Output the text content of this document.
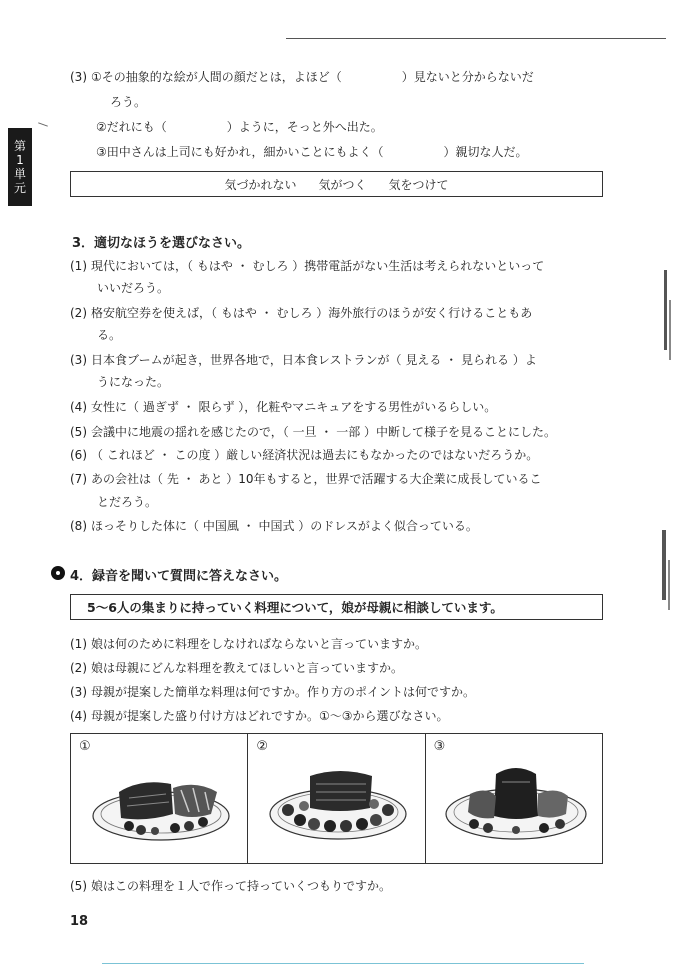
第
1
単
元
(3) ①その抽象的な絵が人間の顔だとは，よほど（　　　　　）見ないと分からないだ
ろう。
②だれにも（　　　　　）ように，そっと外へ出た。
③田中さんは上司にも好かれ，細かいことにもよく（　　　　　）親切な人だ。
気づかれない 気がつく 気をつけて
3．適切なほうを選びなさい。
(1) 現代においては，（ もはや ・ むしろ ）携帯電話がない生活は考えられないといって
いいだろう。
(2) 格安航空券を使えば，（ もはや ・ むしろ ）海外旅行のほうが安く行けることもあ
る。
(3) 日本食ブームが起き，世界各地で，日本食レストランが（ 見える ・ 見られる ）よ
うになった。
(4) 女性に（ 過ぎず ・ 限らず ），化粧やマニキュアをする男性がいるらしい。
(5) 会議中に地震の揺れを感じたので，（ 一旦 ・ 一部 ）中断して様子を見ることにした。
(6) （ これほど ・ この度 ）厳しい経済状況は過去にもなかったのではないだろうか。
(7) あの会社は（ 先 ・ あと ）10年もすると，世界で活躍する大企業に成長しているこ
とだろう。
(8) ほっそりした体に（ 中国風 ・ 中国式 ）のドレスがよく似合っている。
4．録音を聞いて質問に答えなさい。
5～6人の集まりに持っていく料理について，娘が母親に相談しています。
(1) 娘は何のために料理をしなければならないと言っていますか。
(2) 娘は母親にどんな料理を教えてほしいと言っていますか。
(3) 母親が提案した簡単な料理は何ですか。作り方のポイントは何ですか。
(4) 母親が提案した盛り付け方はどれですか。①～③から選びなさい。
①	②	③
(5) 娘はこの料理を１人で作って持っていくつもりですか。
18
